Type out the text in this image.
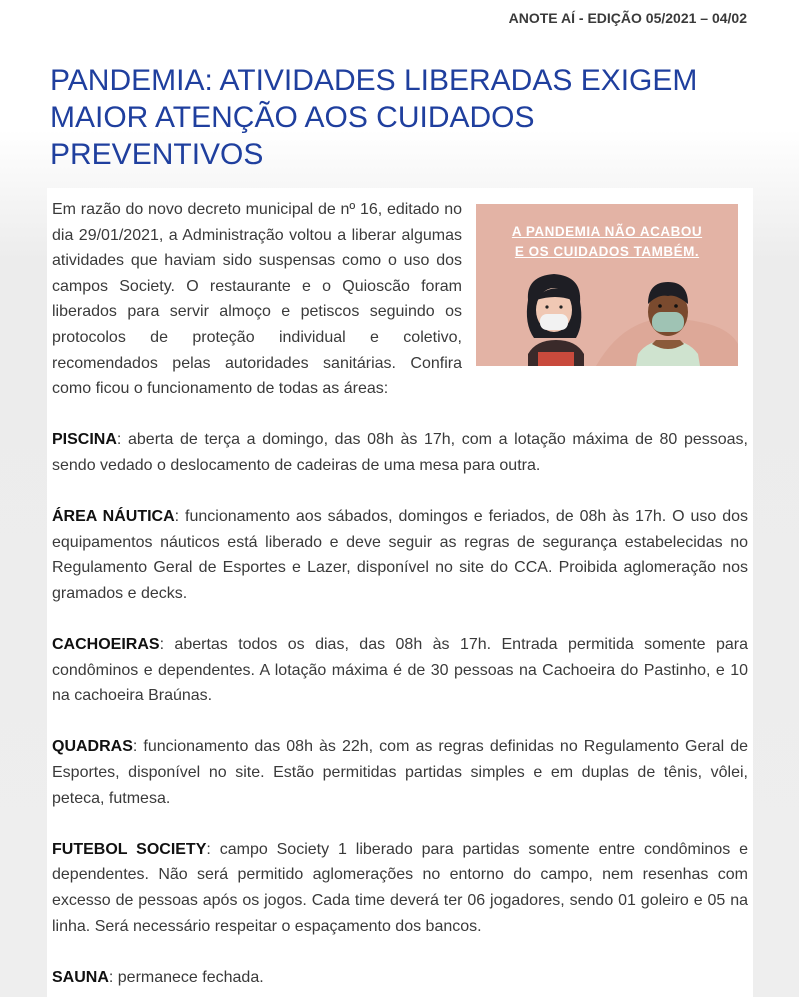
ANOTE AÍ - EDIÇÃO 05/2021 – 04/02
PANDEMIA: ATIVIDADES LIBERADAS EXIGEM
MAIOR ATENÇÃO AOS CUIDADOS
PREVENTIVOS
A PANDEMIA NÃO ACABOU
E OS CUIDADOS TAMBÉM.

Em razão do novo decreto municipal de nº 16, editado no dia 29/01/2021, a Administração voltou a liberar algumas atividades que haviam sido suspensas como o uso dos campos Society. O restaurante e o Quioscão foram liberados para servir almoço e petiscos seguindo os protocolos de proteção individual e coletivo, recomendados pelas autoridades sanitárias. Confira como ficou o funcionamento de todas as áreas:

PISCINA: aberta de terça a domingo, das 08h às 17h, com a lotação máxima de 80 pessoas, sendo vedado o deslocamento de cadeiras de uma mesa para outra.

ÁREA NÁUTICA: funcionamento aos sábados, domingos e feriados, de 08h às 17h. O uso dos equipamentos náuticos está liberado e deve seguir as regras de segurança estabelecidas no Regulamento Geral de Esportes e Lazer, disponível no site do CCA. Proibida aglomeração nos gramados e decks.

CACHOEIRAS: abertas todos os dias, das 08h às 17h. Entrada permitida somente para condôminos e dependentes. A lotação máxima é de 30 pessoas na Cachoeira do Pastinho, e 10 na cachoeira Braúnas.

QUADRAS: funcionamento das 08h às 22h, com as regras definidas no Regulamento Geral de Esportes, disponível no site. Estão permitidas partidas simples e em duplas de tênis, vôlei, peteca, futmesa.

FUTEBOL SOCIETY: campo Society 1 liberado para partidas somente entre condôminos e dependentes. Não será permitido aglomerações no entorno do campo, nem resenhas com excesso de pessoas após os jogos. Cada time deverá ter 06 jogadores, sendo 01 goleiro e 05 na linha. Será necessário respeitar o espaçamento dos bancos.

SAUNA: permanece fechada.
